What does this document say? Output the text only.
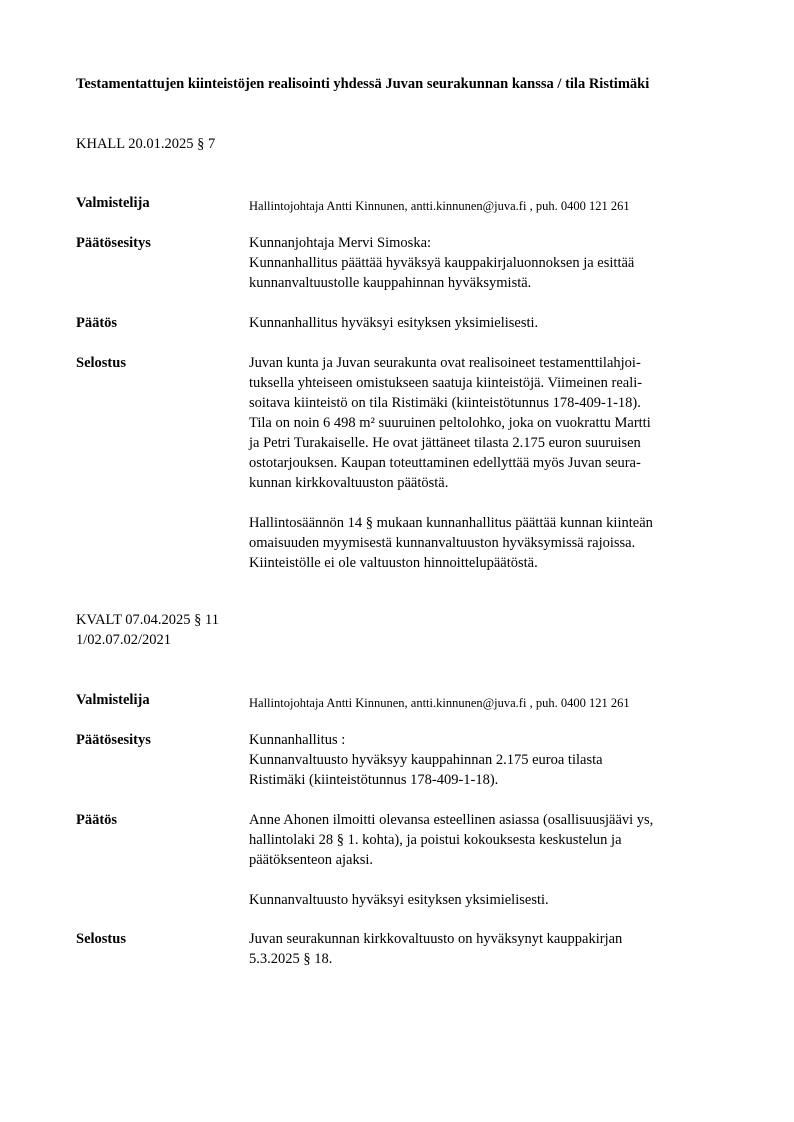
Testamentattujen kiinteistöjen realisointi yhdessä Juvan seurakunnan kanssa / tila Ristimäki
KHALL 20.01.2025 § 7
Valmistelija	Hallintojohtaja Antti Kinnunen, antti.kinnunen@juva.fi , puh. 0400 121 261
Päätösesitys	Kunnanjohtaja Mervi Simoska:
Kunnanhallitus päättää hyväksyä kauppakirjaluonnoksen ja esittää
kunnanvaltuustolle kauppahinnan hyväksymistä.
Päätös	Kunnanhallitus hyväksyi esityksen yksimielisesti.
Selostus	Juvan kunta ja Juvan seurakunta ovat realisoineet testamenttilahjoi-
tuksella yhteiseen omistukseen saatuja kiinteistöjä. Viimeinen reali-
soitava kiinteistö on tila Ristimäki (kiinteistötunnus 178-409-1-18).
Tila on noin 6 498 m² suuruinen peltolohko, joka on vuokrattu Martti
ja Petri Turakaiselle. He ovat jättäneet tilasta 2.175 euron suuruisen
ostotarjouksen. Kaupan toteuttaminen edellyttää myös Juvan seura-
kunnan kirkkovaltuuston päätöstä.

Hallintosäännön 14 § mukaan kunnanhallitus päättää kunnan kiinteän
omaisuuden myymisestä kunnanvaltuuston hyväksymissä rajoissa.
Kiinteistölle ei ole valtuuston hinnoittelupäätöstä.

KVALT 07.04.2025 § 11
1/02.07.02/2021
Valmistelija	Hallintojohtaja Antti Kinnunen, antti.kinnunen@juva.fi , puh. 0400 121 261
Päätösesitys	Kunnanhallitus :
Kunnanvaltuusto hyväksyy kauppahinnan 2.175 euroa tilasta
Ristimäki (kiinteistötunnus 178-409-1-18).
Päätös	Anne Ahonen ilmoitti olevansa esteellinen asiassa (osallisuusjäävi ys,
hallintolaki 28 § 1. kohta), ja poistui kokouksesta keskustelun ja
päätöksenteon ajaksi.

Kunnanvaltuusto hyväksyi esityksen yksimielisesti.

Selostus	Juvan seurakunnan kirkkovaltuusto on hyväksynyt kauppakirjan
5.3.2025 § 18.
